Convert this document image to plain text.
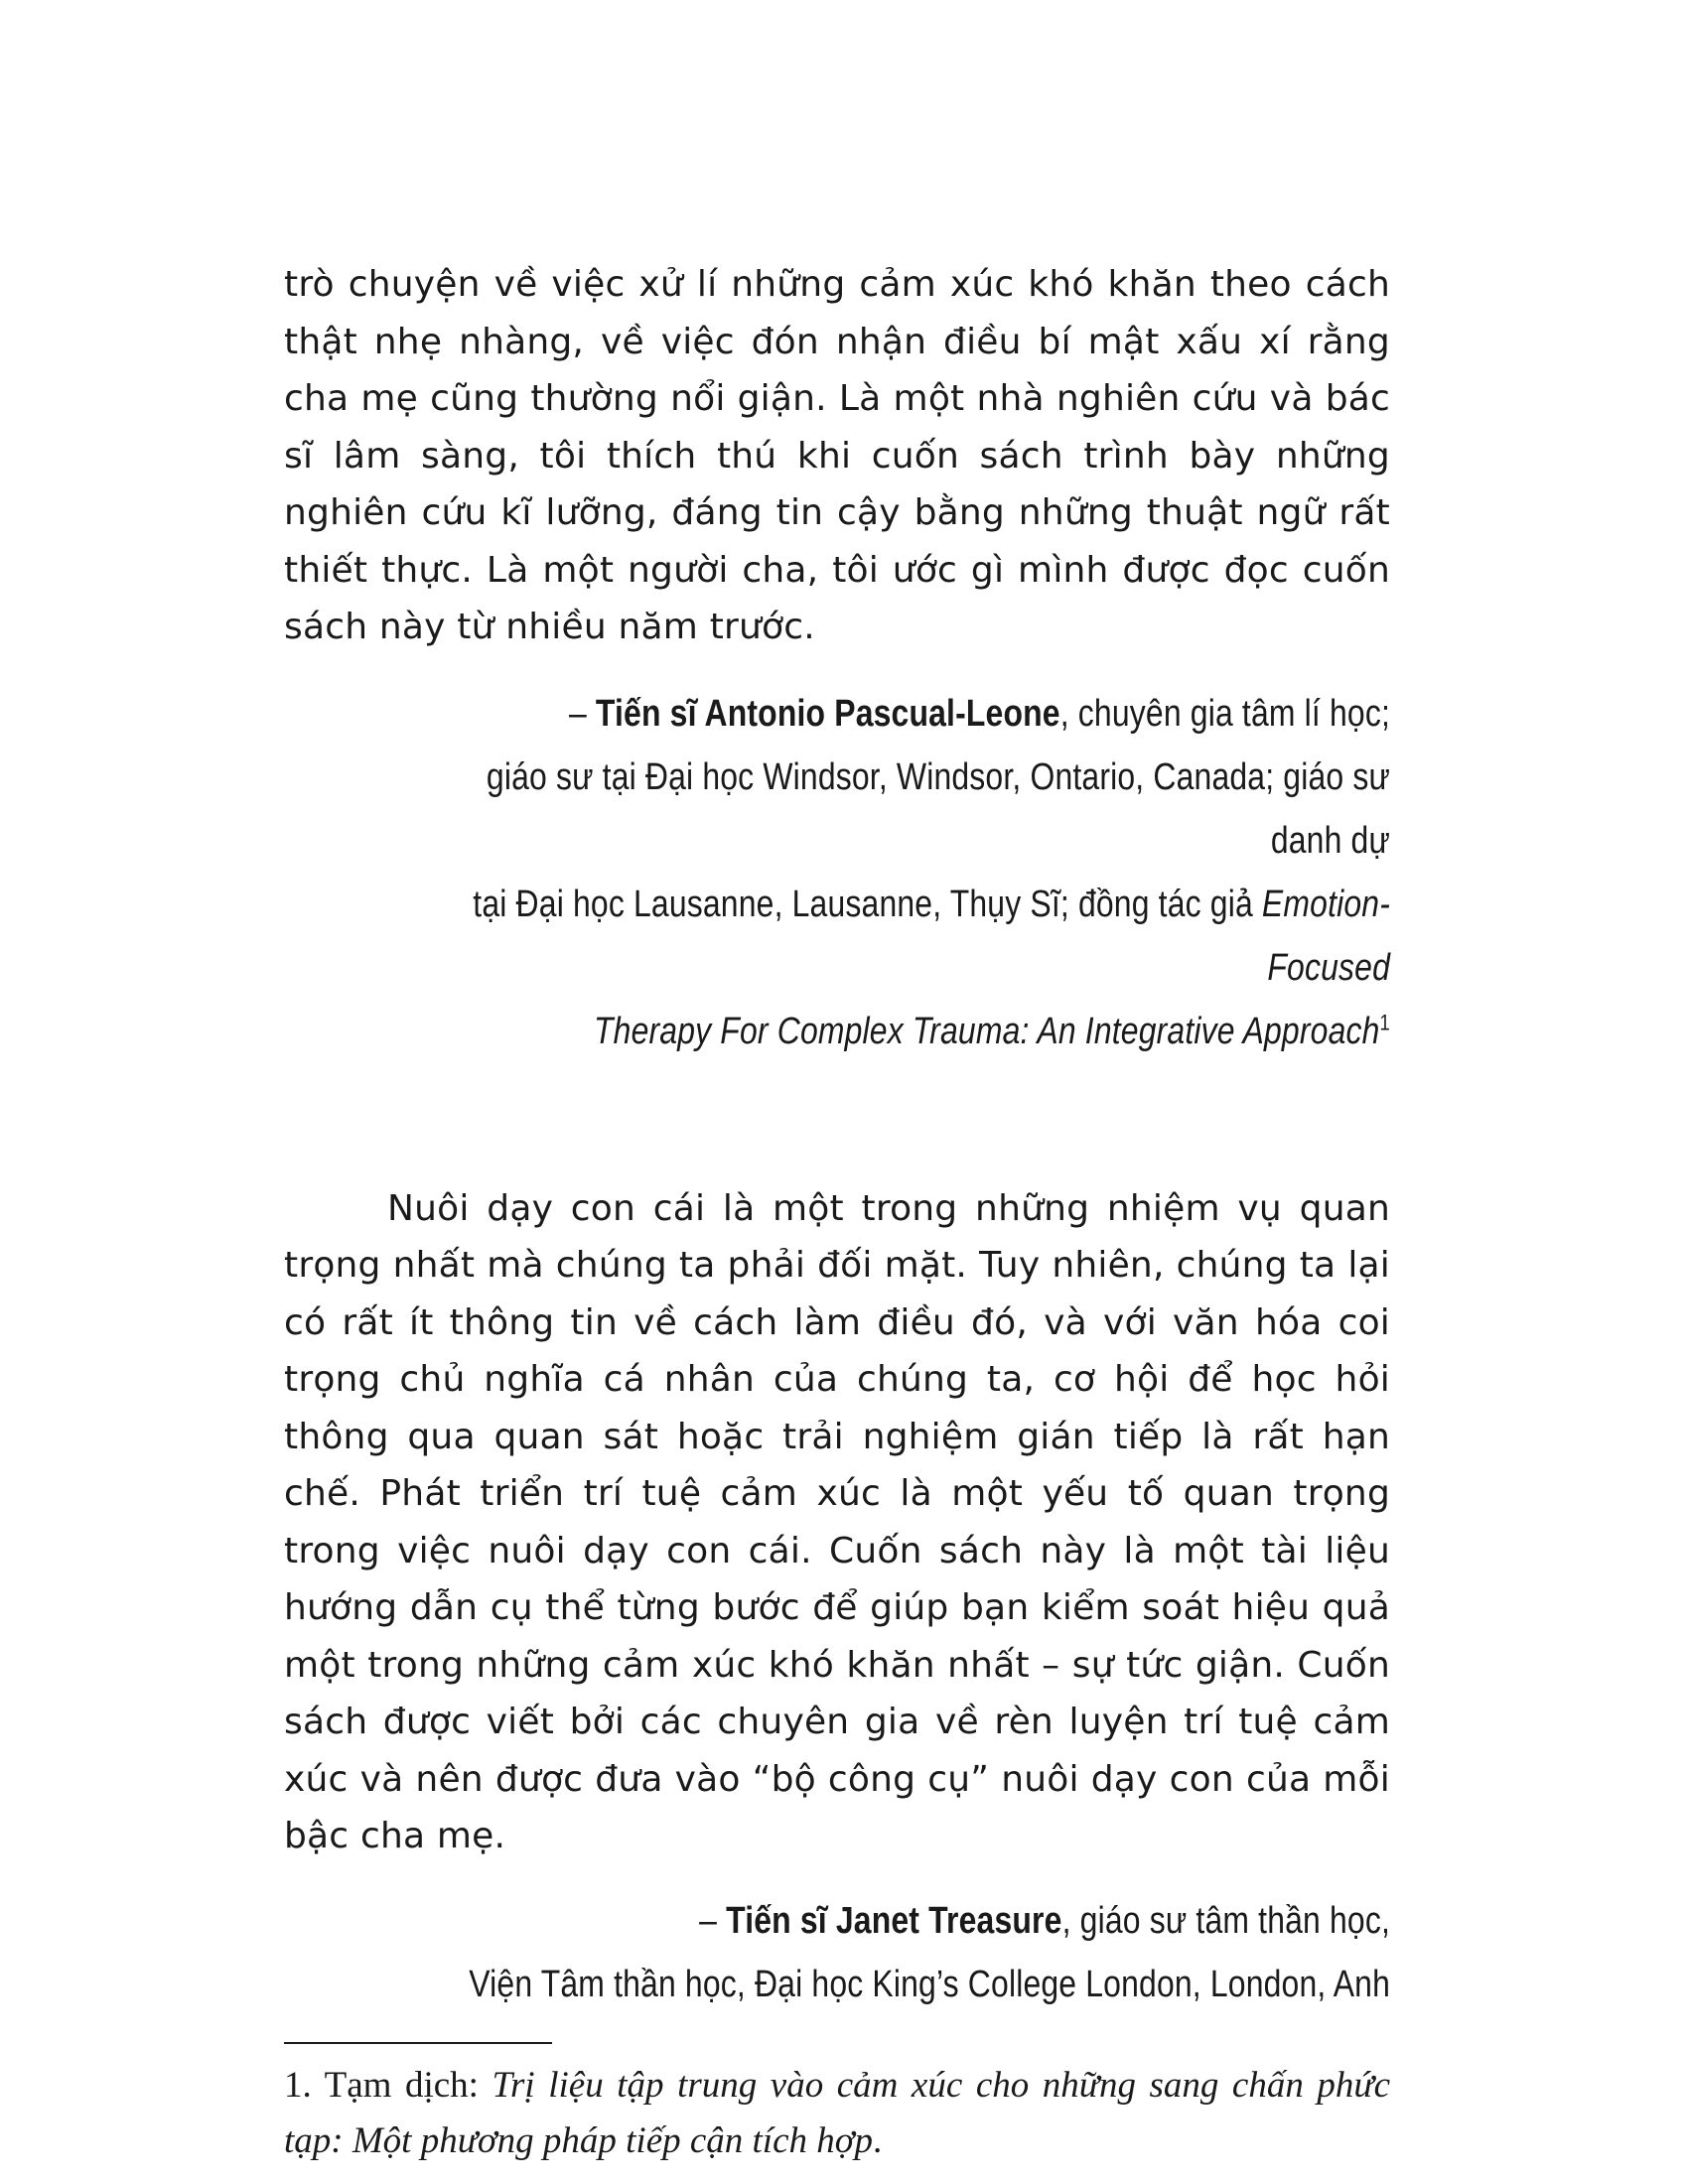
trò chuyện về việc xử lí những cảm xúc khó khăn theo cách thật nhẹ nhàng, về việc đón nhận điều bí mật xấu xí rằng cha mẹ cũng thường nổi giận. Là một nhà nghiên cứu và bác sĩ lâm sàng, tôi thích thú khi cuốn sách trình bày những nghiên cứu kĩ lưỡng, đáng tin cậy bằng những thuật ngữ rất thiết thực. Là một người cha, tôi ước gì mình được đọc cuốn sách này từ nhiều năm trước.

– Tiến sĩ Antonio Pascual-Leone, chuyên gia tâm lí học;

giáo sư tại Đại học Windsor, Windsor, Ontario, Canada; giáo sư danh dự

tại Đại học Lausanne, Lausanne, Thụy Sĩ; đồng tác giả Emotion-Focused

Therapy For Complex Trauma: An Integrative Approach$^1$

Nuôi dạy con cái là một trong những nhiệm vụ quan trọng nhất mà chúng ta phải đối mặt. Tuy nhiên, chúng ta lại có rất ít thông tin về cách làm điều đó, và với văn hóa coi trọng chủ nghĩa cá nhân của chúng ta, cơ hội để học hỏi thông qua quan sát hoặc trải nghiệm gián tiếp là rất hạn chế. Phát triển trí tuệ cảm xúc là một yếu tố quan trọng trong việc nuôi dạy con cái. Cuốn sách này là một tài liệu hướng dẫn cụ thể từng bước để giúp bạn kiểm soát hiệu quả một trong những cảm xúc khó khăn nhất – sự tức giận. Cuốn sách được viết bởi các chuyên gia về rèn luyện trí tuệ cảm xúc và nên được đưa vào “bộ công cụ” nuôi dạy con của mỗi bậc cha mẹ.

– Tiến sĩ Janet Treasure, giáo sư tâm thần học,

Viện Tâm thần học, Đại học King’s College London, London, Anh

1. Tạm dịch: Trị liệu tập trung vào cảm xúc cho những sang chấn phức tạp: Một phương pháp tiếp cận tích hợp.
